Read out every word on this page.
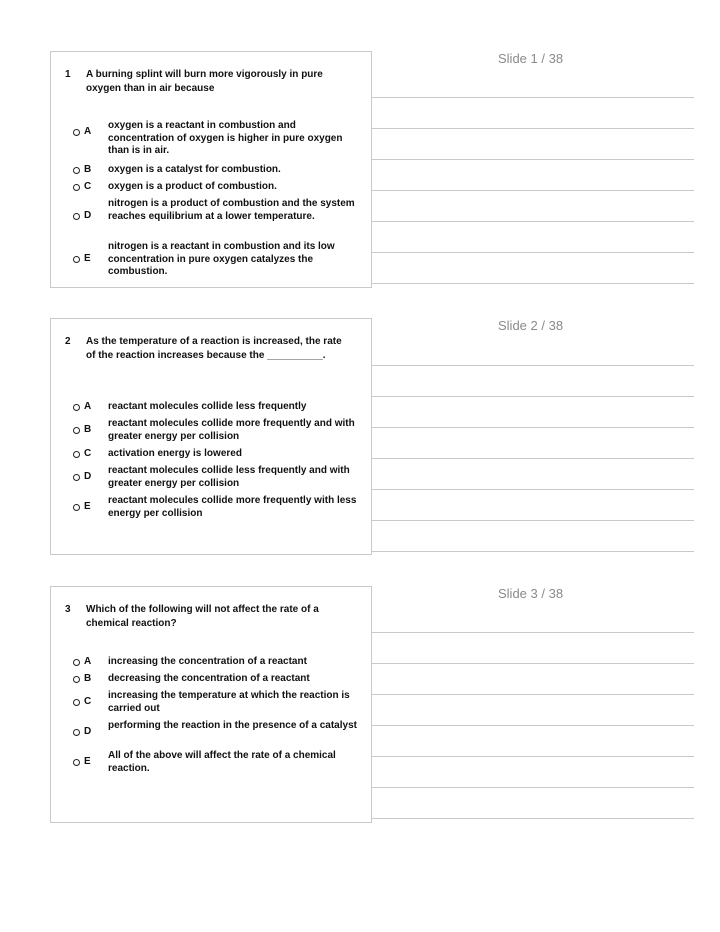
Slide 1 / 38
1 A burning splint will burn more vigorously in pure oxygen than in air because
A
oxygen is a reactant in combustion and concentration of oxygen is higher in pure oxygen than is in air.
B oxygen is a catalyst for combustion.
C oxygen is a product of combustion.
D
nitrogen is a product of combustion and the system reaches equilibrium at a lower temperature.
E
nitrogen is a reactant in combustion and its low concentration in pure oxygen catalyzes the combustion.
Slide 2 / 38
2 As the temperature of a reaction is increased, the rate of the reaction increases because the __________.
A reactant molecules collide less frequently
B
reactant molecules collide more frequently and with greater energy per collision
C activation energy is lowered
D
reactant molecules collide less frequently and with greater energy per collision
E
reactant molecules collide more frequently with less energy per collision
Slide 3 / 38
3 Which of the following will not affect the rate of a chemical reaction?
A increasing the concentration of a reactant
B decreasing the concentration of a reactant
C
increasing the temperature at which the reaction is carried out
D
performing the reaction in the presence of a catalyst
E
All of the above will affect the rate of a chemical reaction.
